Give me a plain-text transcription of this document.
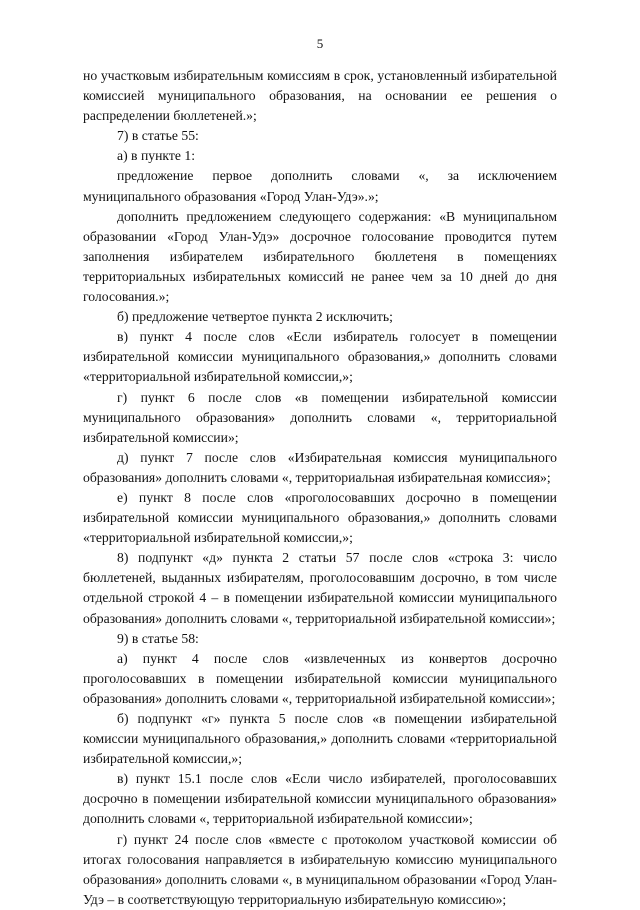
5

но участковым избирательным комиссиям в срок, установленный избирательной комиссией муниципального образования, на основании ее решения о распределении бюллетеней.»;

7) в статье 55:

а) в пункте 1:

предложение первое дополнить словами «, за исключением муниципального образования «Город Улан-Удэ».»;

дополнить предложением следующего содержания: «В муниципальном образовании «Город Улан-Удэ» досрочное голосование проводится путем заполнения избирателем избирательного бюллетеня в помещениях территориальных избирательных комиссий не ранее чем за 10 дней до дня голосования.»;

б) предложение четвертое пункта 2 исключить;

в) пункт 4 после слов «Если избиратель голосует в помещении избирательной комиссии муниципального образования,» дополнить словами «территориальной избирательной комиссии,»;

г) пункт 6 после слов «в помещении избирательной комиссии муниципального образования» дополнить словами «, территориальной избирательной комиссии»;

д) пункт 7 после слов «Избирательная комиссия муниципального образования» дополнить словами «, территориальная избирательная комиссия»;

е) пункт 8 после слов «проголосовавших досрочно в помещении избирательной комиссии муниципального образования,» дополнить словами «территориальной избирательной комиссии,»;

8) подпункт «д» пункта 2 статьи 57 после слов «строка 3: число бюллетеней, выданных избирателям, проголосовавшим досрочно, в том числе отдельной строкой 4 – в помещении избирательной комиссии муниципального образования» дополнить словами «, территориальной избирательной комиссии»;

9) в статье 58:

а) пункт 4 после слов «извлеченных из конвертов досрочно проголосовавших в помещении избирательной комиссии муниципального образования» дополнить словами «, территориальной избирательной комиссии»;

б) подпункт «г» пункта 5 после слов «в помещении избирательной комиссии муниципального образования,» дополнить словами «территориальной избирательной комиссии,»;

в) пункт 15.1 после слов «Если число избирателей, проголосовавших досрочно в помещении избирательной комиссии муниципального образования» дополнить словами «, территориальной избирательной комиссии»;

г) пункт 24 после слов «вместе с протоколом участковой комиссии об итогах голосования направляется в избирательную комиссию муниципального образования» дополнить словами «, в муниципальном образовании «Город Улан-Удэ – в соответствующую территориальную избирательную комиссию»;
